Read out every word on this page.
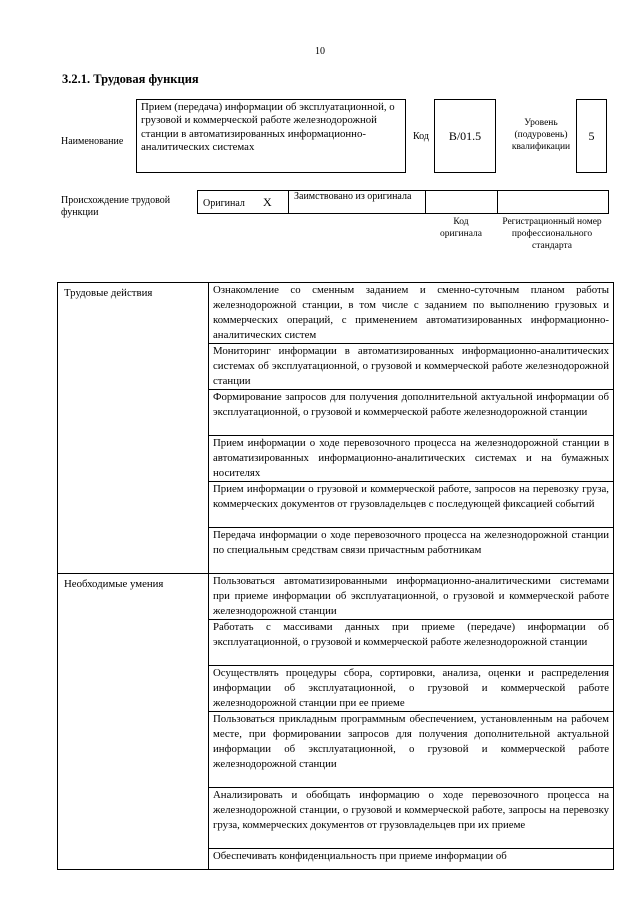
10
3.2.1. Трудовая функция
Наименование
Прием (передача) информации об эксплуатационной, о грузовой и коммерческой работе железнодорожной станции в автоматизированных информационно-аналитических системах
Код B/01.5
Уровень (подуровень) квалификации
5
Происхождение трудовой функции
Оригинал X Заимствовано из оригинала
Код оригинала
Регистрационный номер профессионального стандарта
Трудовые действия	Ознакомление со сменным заданием и сменно-суточным планом работы железнодорожной станции, в том числе с заданием по выполнению грузовых и коммерческих операций, с применением автоматизированных информационно-аналитических систем
	Мониторинг информации в автоматизированных информационно-аналитических системах об эксплуатационной, о грузовой и коммерческой работе железнодорожной станции
	Формирование запросов для получения дополнительной актуальной информации об эксплуатационной, о грузовой и коммерческой работе железнодорожной станции
	Прием информации о ходе перевозочного процесса на железнодорожной станции в автоматизированных информационно-аналитических системах и на бумажных носителях
	Прием информации о грузовой и коммерческой работе, запросов на перевозку груза, коммерческих документов от грузовладельцев с последующей фиксацией событий
	Передача информации о ходе перевозочного процесса на железнодорожной станции по специальным средствам связи причастным работникам
Необходимые умения	Пользоваться автоматизированными информационно-аналитическими системами при приеме информации об эксплуатационной, о грузовой и коммерческой работе железнодорожной станции
	Работать с массивами данных при приеме (передаче) информации об эксплуатационной, о грузовой и коммерческой работе железнодорожной станции
	Осуществлять процедуры сбора, сортировки, анализа, оценки и распределения информации об эксплуатационной, о грузовой и коммерческой работе железнодорожной станции при ее приеме
	Пользоваться прикладным программным обеспечением, установленным на рабочем месте, при формировании запросов для получения дополнительной актуальной информации об эксплуатационной, о грузовой и коммерческой работе железнодорожной станции
	Анализировать и обобщать информацию о ходе перевозочного процесса на железнодорожной станции, о грузовой и коммерческой работе, запросы на перевозку груза, коммерческих документов от грузовладельцев при их приеме
	Обеспечивать конфиденциальность при приеме информации об
